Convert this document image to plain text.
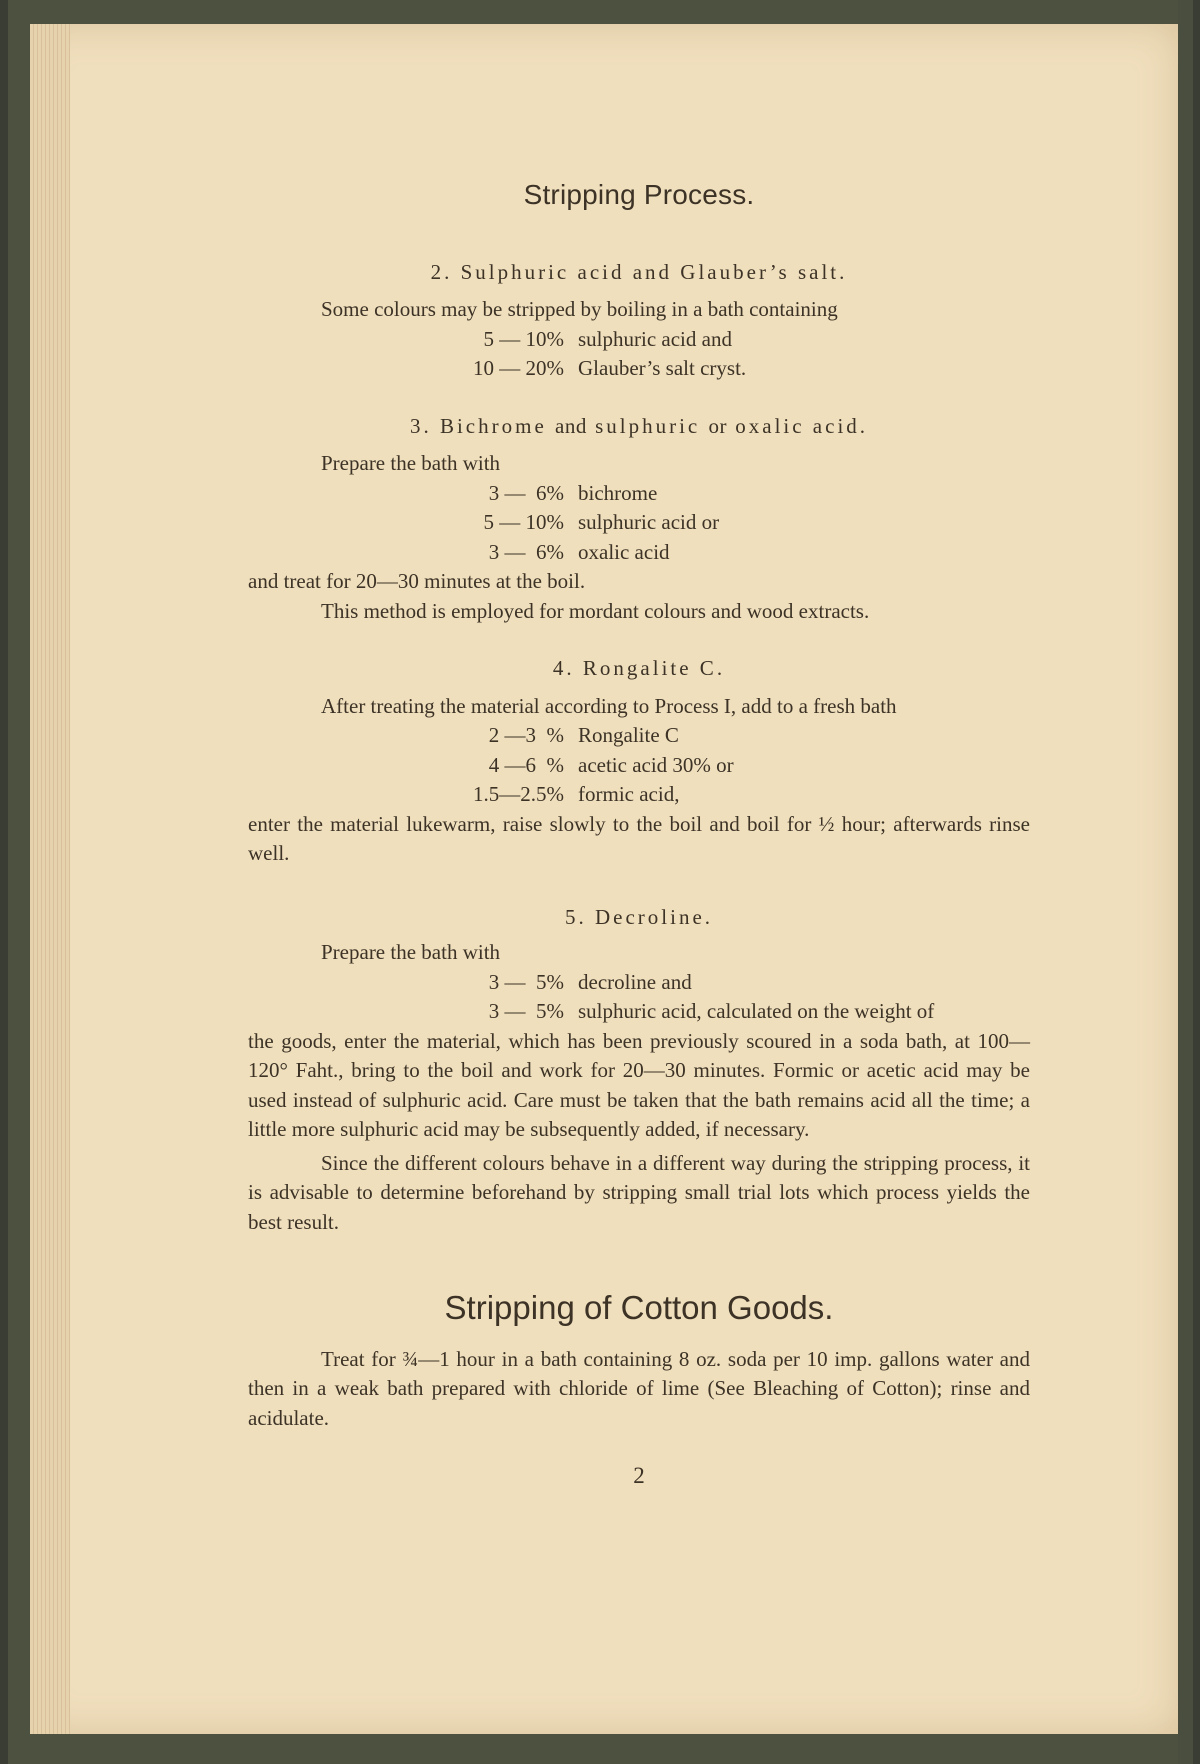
Stripping Process.
2. Sulphuric acid and Glauber’s salt.

Some colours may be stripped by boiling in a bath containing

5 — 10% sulphuric acid and
10 — 20% Glauber’s salt cryst.
3. Bichrome and sulphuric or oxalic acid.

Prepare the bath with

3 —  6% bichrome
5 — 10% sulphuric acid or
3 —  6% oxalic acid

and treat for 20—30 minutes at the boil.

This method is employed for mordant colours and wood extracts.

4. Rongalite C.

After treating the material according to Process I, add to a fresh bath

2 —3  % Rongalite C
4 —6  % acetic acid 30% or
1.5—2.5% formic acid,

enter the material lukewarm, raise slowly to the boil and boil for ½ hour; afterwards rinse well.

5. Decroline.

Prepare the bath with

3 —  5% decroline and
3 —  5% sulphuric acid, calculated on the weight of

the goods, enter the material, which has been previously scoured in a soda bath, at 100—120° Faht., bring to the boil and work for 20—30 minutes. Formic or acetic acid may be used instead of sulphuric acid. Care must be taken that the bath remains acid all the time; a little more sulphuric acid may be subsequently added, if necessary.

Since the different colours behave in a different way during the stripping process, it is advisable to determine beforehand by stripping small trial lots which process yields the best result.

Stripping of Cotton Goods.

Treat for ¾—1 hour in a bath containing 8 oz. soda per 10 imp. gallons water and then in a weak bath prepared with chloride of lime (See Bleaching of Cotton); rinse and acidulate.

2
